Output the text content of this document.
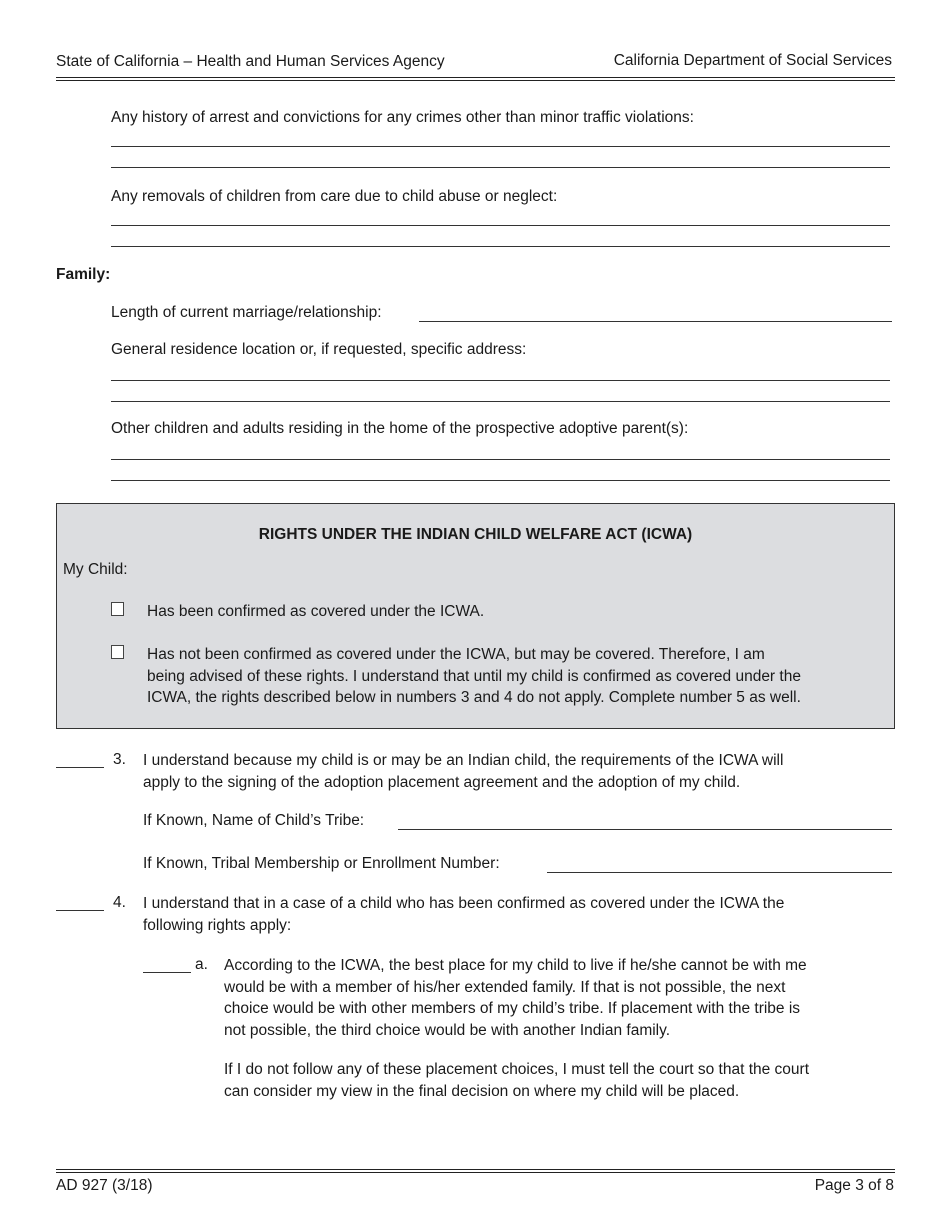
State of California – Health and Human Services Agency	California Department of Social Services
Any history of arrest and convictions for any crimes other than minor traffic violations:
Any removals of children from care due to child abuse or neglect:
Family:
Length of current marriage/relationship:
General residence location or, if requested, specific address:
Other children and adults residing in the home of the prospective adoptive parent(s):
RIGHTS UNDER THE INDIAN CHILD WELFARE ACT (ICWA)
My Child:
Has been confirmed as covered under the ICWA.
Has not been confirmed as covered under the ICWA, but may be covered. Therefore, I am
being advised of these rights. I understand that until my child is confirmed as covered under the
ICWA, the rights described below in numbers 3 and 4 do not apply. Complete number 5 as well.
3. I understand because my child is or may be an Indian child, the requirements of the ICWA will
apply to the signing of the adoption placement agreement and the adoption of my child.
If Known, Name of Child’s Tribe:
If Known, Tribal Membership or Enrollment Number:
4. I understand that in a case of a child who has been confirmed as covered under the ICWA the
following rights apply:
a. According to the ICWA, the best place for my child to live if he/she cannot be with me
would be with a member of his/her extended family. If that is not possible, the next
choice would be with other members of my child’s tribe. If placement with the tribe is
not possible, the third choice would be with another Indian family.
If I do not follow any of these placement choices, I must tell the court so that the court
can consider my view in the final decision on where my child will be placed.
AD 927 (3/18)	Page 3 of 8
